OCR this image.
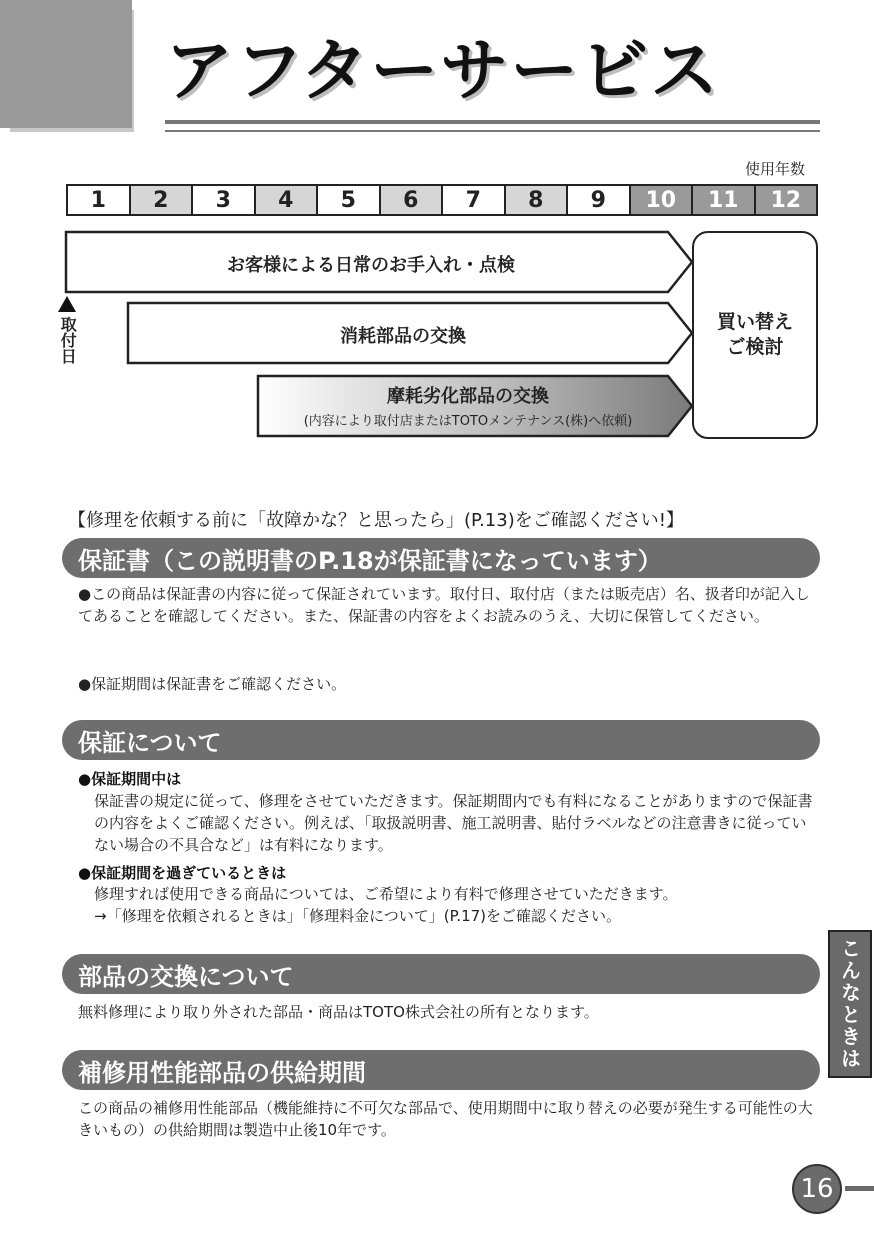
アフターサービス
使用年数
1	2	3	4	5	6	7	8	9	10	11	12
お客様による日常のお手入れ・点検
消耗部品の交換
摩耗劣化部品の交換
(内容により取付店またはTOTOメンテナンス(株)へ依頼)
買い替え
ご検討
取付日
【修理を依頼する前に「故障かな？と思ったら」(P.13)をご確認ください!】
保証書（この説明書のP.18が保証書になっています）
●この商品は保証書の内容に従って保証されています。取付日、取付店（または販売店）名、扱者印が記入してあることを確認してください。また、保証書の内容をよくお読みのうえ、大切に保管してください。
●保証期間は保証書をご確認ください。
保証について
●保証期間中は
保証書の規定に従って、修理をさせていただきます。保証期間内でも有料になることがありますので保証書の内容をよくご確認ください。例えば、「取扱説明書、施工説明書、貼付ラベルなどの注意書きに従っていない場合の不具合など」は有料になります。
●保証期間を過ぎているときは
修理すれば使用できる商品については、ご希望により有料で修理させていただきます。
→「修理を依頼されるときは」「修理料金について」(P.17)をご確認ください。
部品の交換について
無料修理により取り外された部品・商品はTOTO株式会社の所有となります。
補修用性能部品の供給期間
この商品の補修用性能部品（機能維持に不可欠な部品で、使用期間中に取り替えの必要が発生する可能性の大きいもの）の供給期間は製造中止後10年です。
こんなときは
16
